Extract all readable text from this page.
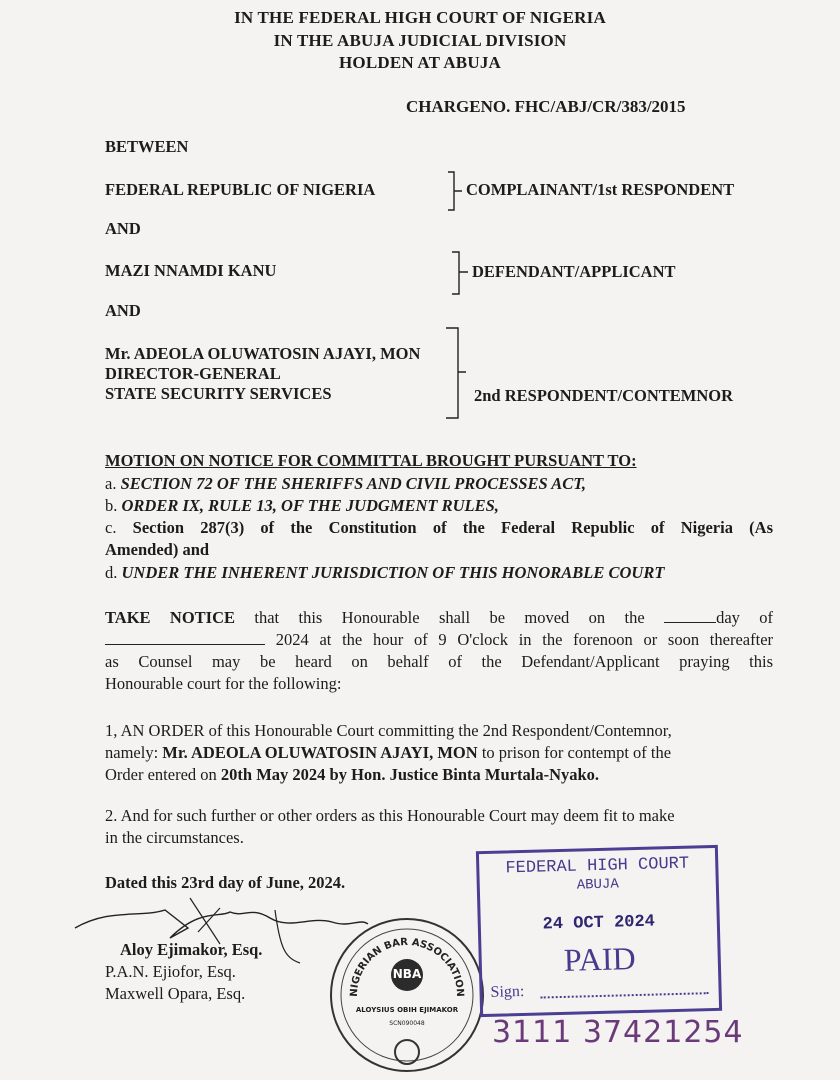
IN THE FEDERAL HIGH COURT OF NIGERIA
IN THE ABUJA JUDICIAL DIVISION
HOLDEN AT ABUJA
CHARGENO. FHC/ABJ/CR/383/2015
BETWEEN
FEDERAL REPUBLIC OF NIGERIA	COMPLAINANT/1st RESPONDENT
AND
MAZI NNAMDI KANU	DEFENDANT/APPLICANT
AND
Mr. ADEOLA OLUWATOSIN AJAYI, MON
DIRECTOR-GENERAL
STATE SECURITY SERVICES	2nd RESPONDENT/CONTEMNOR
MOTION ON NOTICE FOR COMMITTAL BROUGHT PURSUANT TO:
a. SECTION 72 OF THE SHERIFFS AND CIVIL PROCESSES ACT,
b. ORDER IX, RULE 13, OF THE JUDGMENT RULES,
c. Section 287(3) of the Constitution of the Federal Republic of Nigeria (As
Amended) and
d. UNDER THE INHERENT JURISDICTION OF THIS HONORABLE COURT
TAKE NOTICE that this Honourable shall be moved on the	day of
2024 at the hour of 9 O'clock in the forenoon or soon thereafter
as Counsel may be heard on behalf of the Defendant/Applicant praying this
Honourable court for the following:
1, AN ORDER of this Honourable Court committing the 2nd Respondent/Contemnor,
namely: Mr. ADEOLA OLUWATOSIN AJAYI, MON to prison for contempt of the
Order entered on 20th May 2024 by Hon. Justice Binta Murtala-Nyako.
2. And for such further or other orders as this Honourable Court may deem fit to make
in the circumstances.
Dated this 23rd day of June, 2024.
Aloy Ejimakor, Esq.
P.A.N. Ejiofor, Esq.
Maxwell Opara, Esq.	NIGERIAN BAR ASSOCIATION
NBA
ALOYSIUS OBIH EJIMAKOR
SCN090048
FEDERAL HIGH COURT
ABUJA
24 OCT 2024
PAID
Sign:
3111 37421254
